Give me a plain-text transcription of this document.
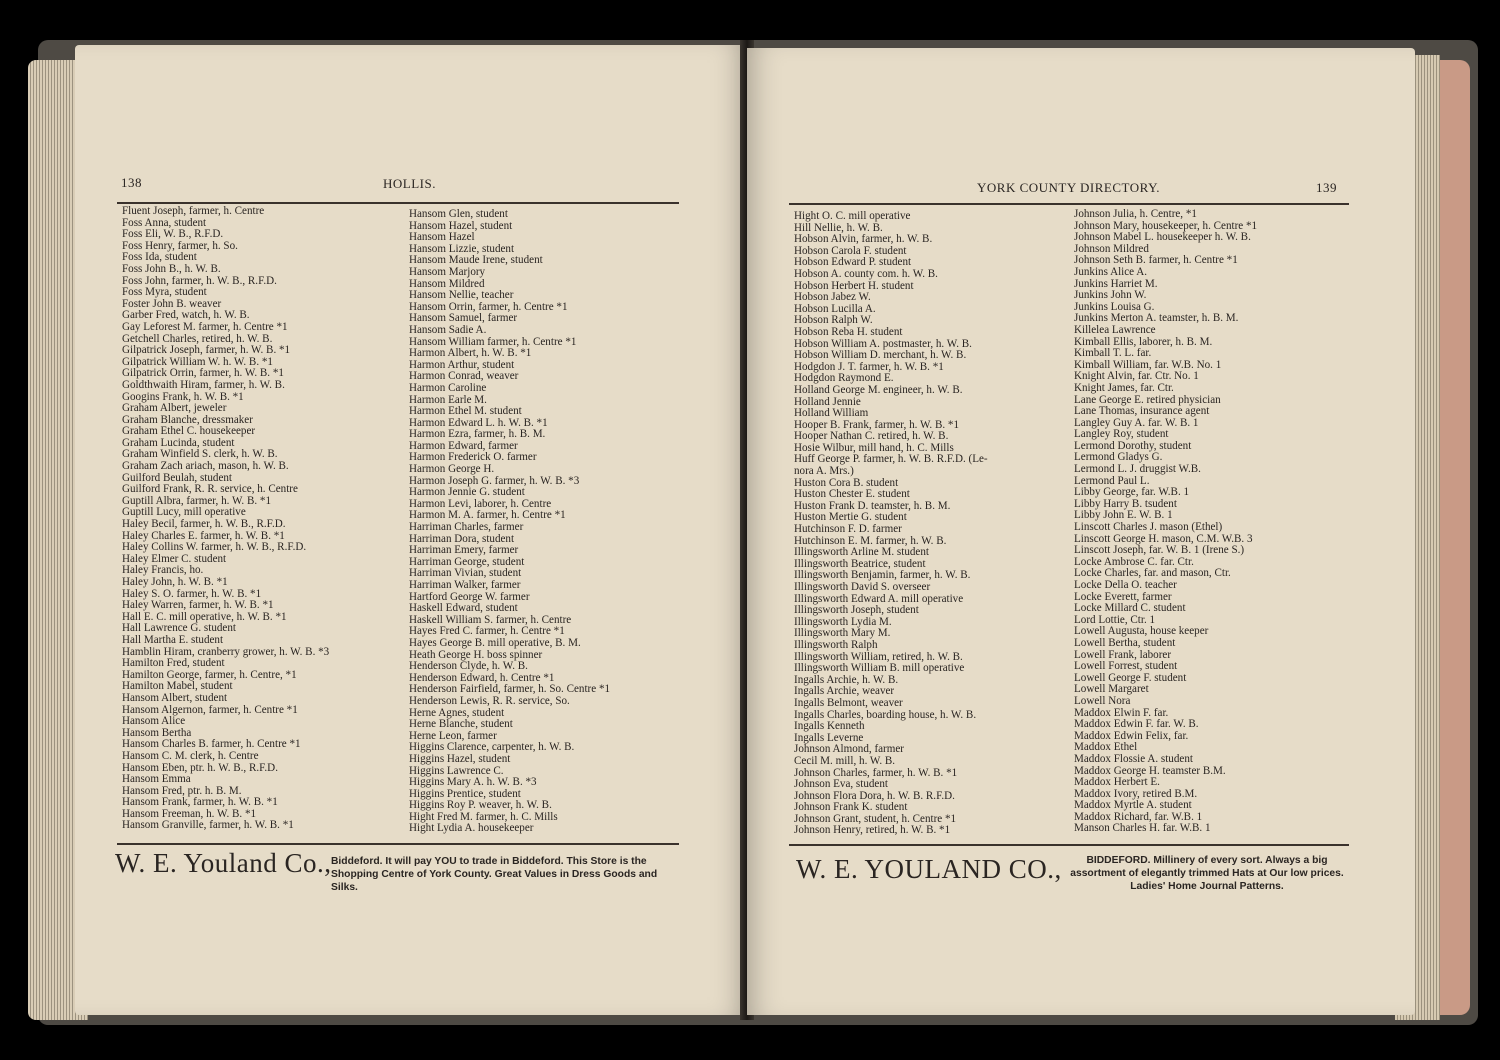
138	HOLLIS.
Fluent Joseph, farmer, h. Centre
Foss Anna, student
Foss Eli, W. B., R.F.D.
Foss Henry, farmer, h. So.
Foss Ida, student
Foss John B., h. W. B.
Foss John, farmer, h. W. B., R.F.D.
Foss Myra, student
Foster John B. weaver
Garber Fred, watch, h. W. B.
Gay Leforest M. farmer, h. Centre *1
Getchell Charles, retired, h. W. B.
Gilpatrick Joseph, farmer, h. W. B. *1
Gilpatrick William W. h. W. B. *1
Gilpatrick Orrin, farmer, h. W. B. *1
Goldthwaith Hiram, farmer, h. W. B.
Googins Frank, h. W. B. *1
Graham Albert, jeweler
Graham Blanche, dressmaker
Graham Ethel C. housekeeper
Graham Lucinda, student
Graham Winfield S. clerk, h. W. B.
Graham Zach ariach, mason, h. W. B.
Guilford Beulah, student
Guilford Frank, R. R. service, h. Centre
Guptill Albra, farmer, h. W. B. *1
Guptill Lucy, mill operative
Haley Becil, farmer, h. W. B., R.F.D.
Haley Charles E. farmer, h. W. B. *1
Haley Collins W. farmer, h. W. B., R.F.D.
Haley Elmer C. student
Haley Francis, ho.
Haley John, h. W. B. *1
Haley S. O. farmer, h. W. B. *1
Haley Warren, farmer, h. W. B. *1
Hall E. C. mill operative, h. W. B. *1
Hall Lawrence G. student
Hall Martha E. student
Hamblin Hiram, cranberry grower, h. W. B. *3
Hamilton Fred, student
Hamilton George, farmer, h. Centre, *1
Hamilton Mabel, student
Hansom Albert, student
Hansom Algernon, farmer, h. Centre *1
Hansom Alice
Hansom Bertha
Hansom Charles B. farmer, h. Centre *1
Hansom C. M. clerk, h. Centre
Hansom Eben, ptr. h. W. B., R.F.D.
Hansom Emma
Hansom Fred, ptr. h. B. M.
Hansom Frank, farmer, h. W. B. *1
Hansom Freeman, h. W. B. *1
Hansom Granville, farmer, h. W. B. *1
Hansom Glen, student
Hansom Hazel, student
Hansom Hazel
Hansom Lizzie, student
Hansom Maude Irene, student
Hansom Marjory
Hansom Mildred
Hansom Nellie, teacher
Hansom Orrin, farmer, h. Centre *1
Hansom Samuel, farmer
Hansom Sadie A.
Hansom William farmer, h. Centre *1
Harmon Albert, h. W. B. *1
Harmon Arthur, student
Harmon Conrad, weaver
Harmon Caroline
Harmon Earle M.
Harmon Ethel M. student
Harmon Edward L. h. W. B. *1
Harmon Ezra, farmer, h. B. M.
Harmon Edward, farmer
Harmon Frederick O. farmer
Harmon George H.
Harmon Joseph G. farmer, h. W. B. *3
Harmon Jennie G. student
Harmon Levi, laborer, h. Centre
Harmon M. A. farmer, h. Centre *1
Harriman Charles, farmer
Harriman Dora, student
Harriman Emery, farmer
Harriman George, student
Harriman Vivian, student
Harriman Walker, farmer
Hartford George W. farmer
Haskell Edward, student
Haskell William S. farmer, h. Centre
Hayes Fred C. farmer, h. Centre *1
Hayes George B. mill operative, B. M.
Heath George H. boss spinner
Henderson Clyde, h. W. B.
Henderson Edward, h. Centre *1
Henderson Fairfield, farmer, h. So. Centre *1
Henderson Lewis, R. R. service, So.
Herne Agnes, student
Herne Blanche, student
Herne Leon, farmer
Higgins Clarence, carpenter, h. W. B.
Higgins Hazel, student
Higgins Lawrence C.
Higgins Mary A. h. W. B. *3
Higgins Prentice, student
Higgins Roy P. weaver, h. W. B.
Hight Fred M. farmer, h. C. Mills
Hight Lydia A. housekeeper
W. E. Youland Co., Biddeford. It will pay YOU to trade in Biddeford. This Store is the Shopping Centre of York County. Great Values in Dress Goods and Silks.
YORK COUNTY DIRECTORY.	139
Hight O. C. mill operative
Hill Nellie, h. W. B.
Hobson Alvin, farmer, h. W. B.
Hobson Carola F. student
Hobson Edward P. student
Hobson A. county com. h. W. B.
Hobson Herbert H. student
Hobson Jabez W.
Hobson Lucilla A.
Hobson Ralph W.
Hobson Reba H. student
Hobson William A. postmaster, h. W. B.
Hobson William D. merchant, h. W. B.
Hodgdon J. T. farmer, h. W. B. *1
Hodgdon Raymond E.
Holland George M. engineer, h. W. B.
Holland Jennie
Holland William
Hooper B. Frank, farmer, h. W. B. *1
Hooper Nathan C. retired, h. W. B.
Hosie Wilbur, mill hand, h. C. Mills
Huff George P. farmer, h. W. B. R.F.D. (Le-
nora A. Mrs.)
Huston Cora B. student
Huston Chester E. student
Huston Frank D. teamster, h. B. M.
Huston Mertie G. student
Hutchinson F. D. farmer
Hutchinson E. M. farmer, h. W. B.
Illingsworth Arline M. student
Illingsworth Beatrice, student
Illingsworth Benjamin, farmer, h. W. B.
Illingsworth David S. overseer
Illingsworth Edward A. mill operative
Illingsworth Joseph, student
Illingsworth Lydia M.
Illingsworth Mary M.
Illingsworth Ralph
Illingsworth William, retired, h. W. B.
Illingsworth William B. mill operative
Ingalls Archie, h. W. B.
Ingalls Archie, weaver
Ingalls Belmont, weaver
Ingalls Charles, boarding house, h. W. B.
Ingalls Kenneth
Ingalls Leverne
Johnson Almond, farmer
Cecil M. mill, h. W. B.
Johnson Charles, farmer, h. W. B. *1
Johnson Eva, student
Johnson Flora Dora, h. W. B. R.F.D.
Johnson Frank K. student
Johnson Grant, student, h. Centre *1
Johnson Henry, retired, h. W. B. *1
Johnson Julia, h. Centre, *1
Johnson Mary, housekeeper, h. Centre *1
Johnson Mabel L. housekeeper h. W. B.
Johnson Mildred
Johnson Seth B. farmer, h. Centre *1
Junkins Alice A.
Junkins Harriet M.
Junkins John W.
Junkins Louisa G.
Junkins Merton A. teamster, h. B. M.
Killelea Lawrence
Kimball Ellis, laborer, h. B. M.
Kimball T. L. far.
Kimball William, far. W.B. No. 1
Knight Alvin, far. Ctr. No. 1
Knight James, far. Ctr.
Lane George E. retired physician
Lane Thomas, insurance agent
Langley Guy A. far. W. B. 1
Langley Roy, student
Lermond Dorothy, student
Lermond Gladys G.
Lermond L. J. druggist W.B.
Lermond Paul L.
Libby George, far. W.B. 1
Libby Harry B. tsudent
Libby John E. W. B. 1
Linscott Charles J. mason (Ethel)
Linscott George H. mason, C.M. W.B. 3
Linscott Joseph, far. W. B. 1 (Irene S.)
Locke Ambrose C. far. Ctr.
Locke Charles, far. and mason, Ctr.
Locke Della O. teacher
Locke Everett, farmer
Locke Millard C. student
Lord Lottie, Ctr. 1
Lowell Augusta, house keeper
Lowell Bertha, student
Lowell Frank, laborer
Lowell Forrest, student
Lowell George F. student
Lowell Margaret
Lowell Nora
Maddox Elwin F. far.
Maddox Edwin F. far. W. B.
Maddox Edwin Felix, far.
Maddox Ethel
Maddox Flossie A. student
Maddox George H. teamster B.M.
Maddox Herbert E.
Maddox Ivory, retired B.M.
Maddox Myrtle A. student
Maddox Richard, far. W.B. 1
Manson Charles H. far. W.B. 1
W. E. YOULAND CO.,	BIDDEFORD. Millinery of every sort. Always a big assortment of elegantly trimmed Hats at Our low prices. Ladies' Home Journal Patterns.
